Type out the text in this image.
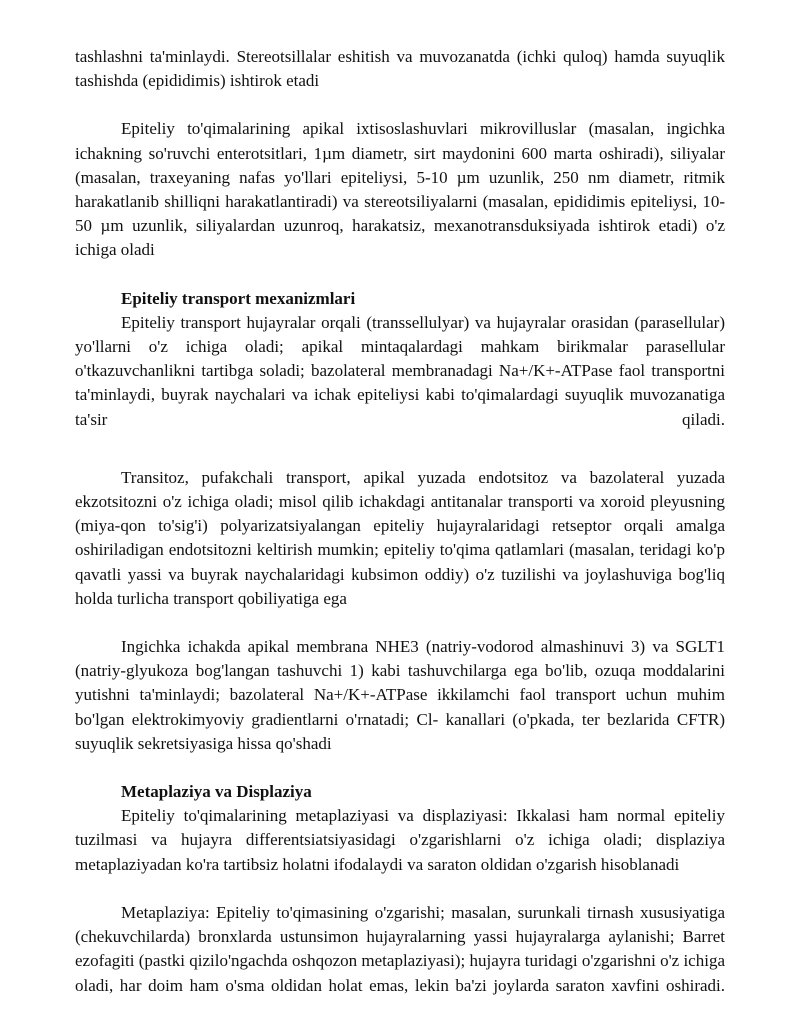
tashlashni ta'minlaydi. Stereotsillalar eshitish va muvozanatda (ichki quloq) hamda suyuqlik tashishda (epididimis) ishtirok etadi

Epiteliy to'qimalarining apikal ixtisoslashuvlari mikrovilluslar (masalan, ingichka ichakning so'ruvchi enterotsitlari, 1µm diametr, sirt maydonini 600 marta oshiradi), siliyalar (masalan, traxeyaning nafas yo'llari epiteliysi, 5-10 µm uzunlik, 250 nm diametr, ritmik harakatlanib shilliqni harakatlantiradi) va stereotsiliyalarni (masalan, epididimis epiteliysi, 10-50 µm uzunlik, siliyalardan uzunroq, harakatsiz, mexanotransduksiyada ishtirok etadi) o'z ichiga oladi

Epiteliy transport mexanizmlari

Epiteliy transport hujayralar orqali (transsellulyar) va hujayralar orasidan (parasellular) yo'llarni o'z ichiga oladi; apikal mintaqalardagi mahkam birikmalar parasellular o'tkazuvchanlikni tartibga soladi; bazolateral membranadagi Na+/K+-ATPase faol transportni ta'minlaydi, buyrak naychalari va ichak epiteliysi kabi to'qimalardagi suyuqlik muvozanatiga ta'sir qiladi.

Transitoz, pufakchali transport, apikal yuzada endotsitoz va bazolateral yuzada ekzotsitozni o'z ichiga oladi; misol qilib ichakdagi antitanalar transporti va xoroid pleyusning (miya-qon to'sig'i) polyarizatsiyalangan epiteliy hujayralaridagi retseptor orqali amalga oshiriladigan endotsitozni keltirish mumkin; epiteliy to'qima qatlamlari (masalan, teridagi ko'p qavatli yassi va buyrak naychalaridagi kubsimon oddiy) o'z tuzilishi va joylashuviga bog'liq holda turlicha transport qobiliyatiga ega

Ingichka ichakda apikal membrana NHE3 (natriy-vodorod almashinuvi 3) va SGLT1 (natriy-glyukoza bog'langan tashuvchi 1) kabi tashuvchilarga ega bo'lib, ozuqa moddalarini yutishni ta'minlaydi; bazolateral Na+/K+-ATPase ikkilamchi faol transport uchun muhim bo'lgan elektrokimyoviy gradientlarni o'rnatadi; Cl- kanallari (o'pkada, ter bezlarida CFTR) suyuqlik sekretsiyasiga hissa qo'shadi

Metaplaziya va Displaziya

Epiteliy to'qimalarining metaplaziyasi va displaziyasi: Ikkalasi ham normal epiteliy tuzilmasi va hujayra differentsiatsiyasidagi o'zgarishlarni o'z ichiga oladi; displaziya metaplaziyadan ko'ra tartibsiz holatni ifodalaydi va saraton oldidan o'zgarish hisoblanadi

Metaplaziya: Epiteliy to'qimasining o'zgarishi; masalan, surunkali tirnash xususiyatiga (chekuvchilarda) bronxlarda ustunsimon hujayralarning yassi hujayralarga aylanishi; Barret ezofagiti (pastki qizilo'ngachda oshqozon metaplaziyasi); hujayra turidagi o'zgarishni o'z ichiga oladi, har doim ham o'sma oldidan holat emas, lekin ba'zi joylarda saraton xavfini oshiradi.
